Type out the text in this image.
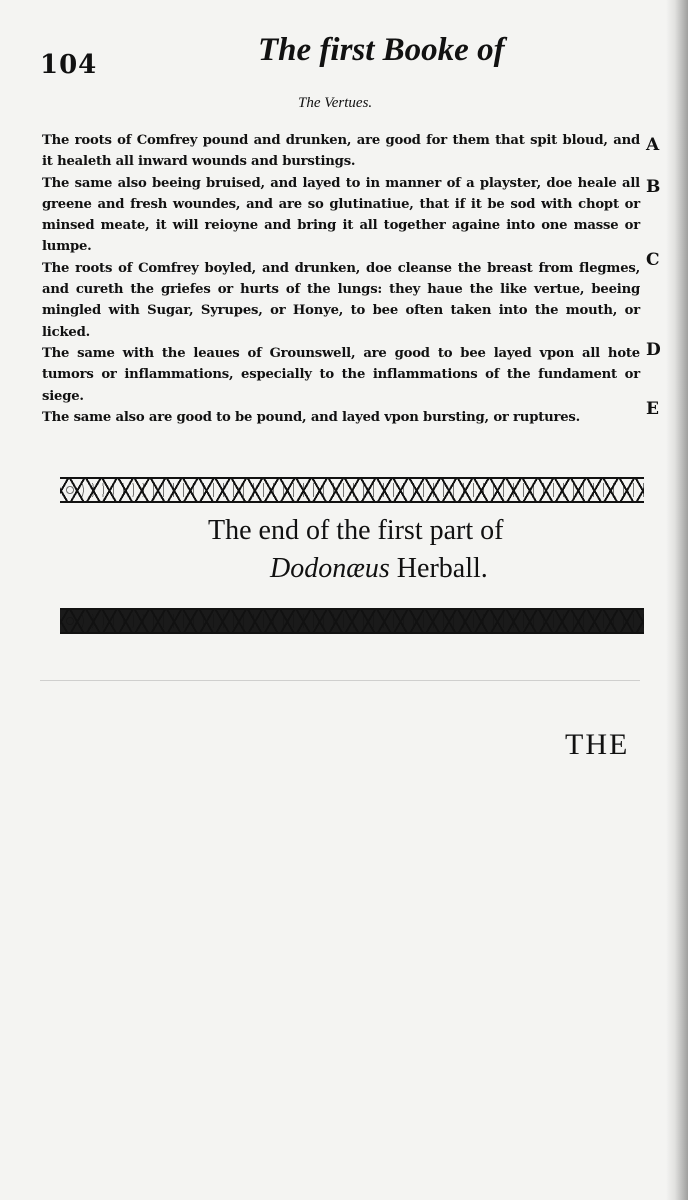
104	The first Booke of
The Vertues.

The roots of Comfrey pound and drunken, are good for them that spit bloud, and it healeth all inward wounds and burstings.

The same also beeing bruised, and layed to in manner of a playster, doe heale all greene and fresh woundes, and are so glutinatiue, that if it be sod with chopt or minsed meate, it will reioyne and bring it all together againe into one masse or lumpe.

The roots of Comfrey boyled, and drunken, doe cleanse the breast from flegmes, and cureth the griefes or hurts of the lungs: they haue the like vertue, beeing mingled with Sugar, Syrupes, or Honye, to bee often taken into the mouth, or licked.

The same with the leaues of Grounswell, are good to bee layed vpon all hote tumors or inflammations, especially to the inflammations of the fundament or siege.

The same also are good to be pound, and layed vpon bursting, or ruptures.

A
B
C
D
E
The end of the first part of
Dodonæus Herball.
THE
